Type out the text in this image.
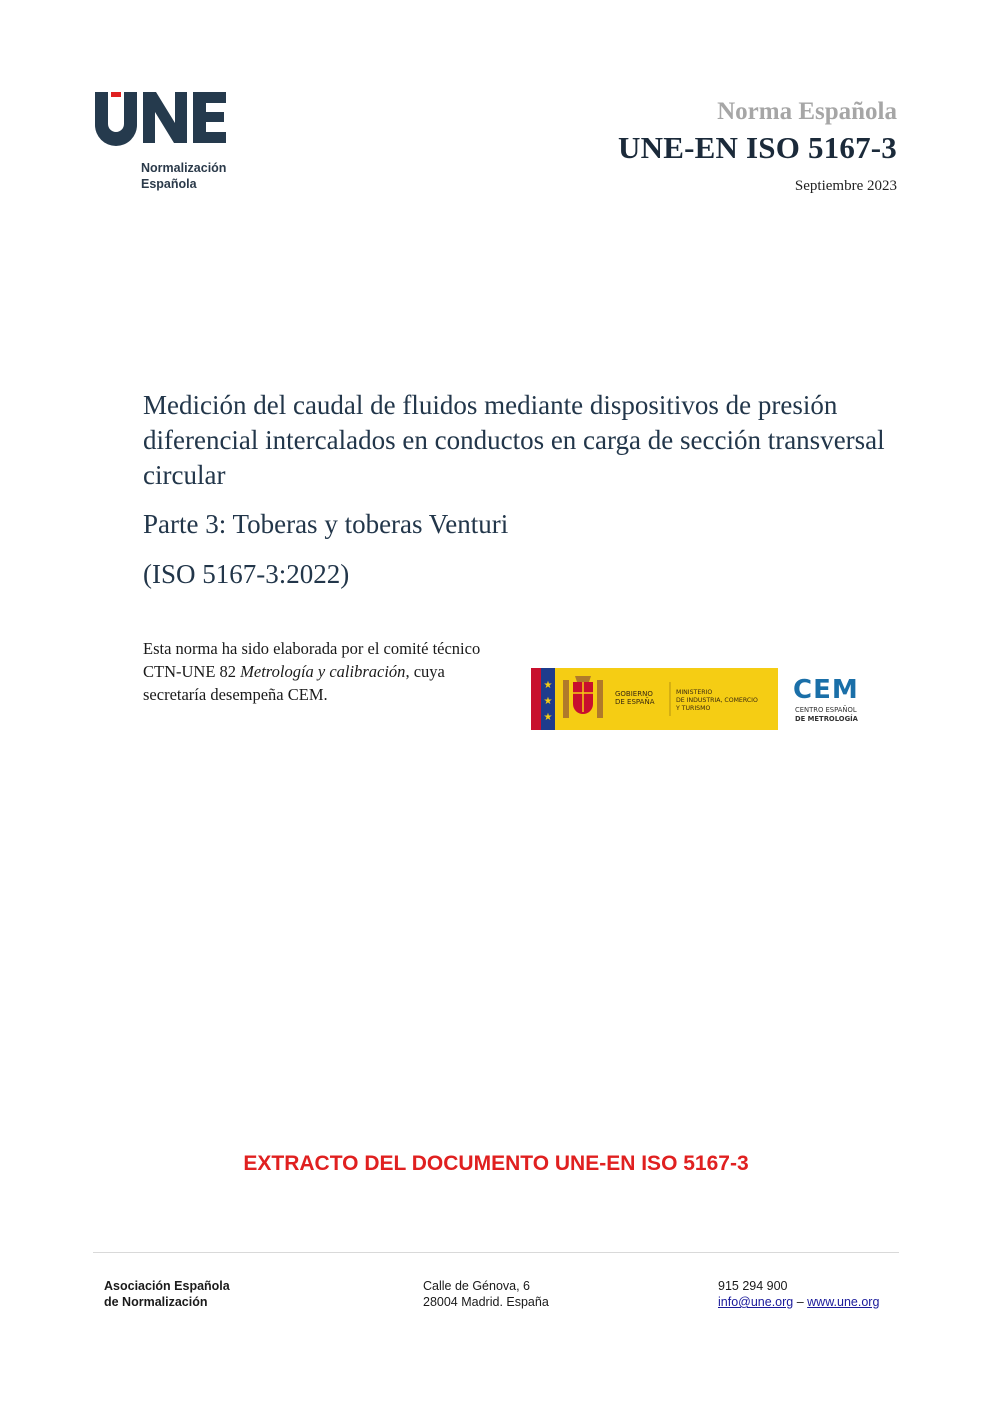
Normalización
Española
Norma Española
UNE-EN ISO 5167-3
Septiembre 2023
Medición del caudal de fluidos mediante dispositivos de presión diferencial intercalados en conductos en carga de sección transversal circular
Parte 3: Toberas y toberas Venturi
(ISO 5167-3:2022)
Esta norma ha sido elaborada por el comité técnico CTN-UNE 82 Metrología y calibración, cuya secretaría desempeña CEM.	★
★
★
GOBIERNO
DE ESPAÑA
MINISTERIO
DE INDUSTRIA, COMERCIO
Y TURISMO
CEM
CENTRO ESPAÑOL
DE METROLOGÍA
EXTRACTO DEL DOCUMENTO UNE-EN ISO 5167-3
Asociación Española
de Normalización
Calle de Génova, 6
28004 Madrid. España
915 294 900
info@une.org – www.une.org
